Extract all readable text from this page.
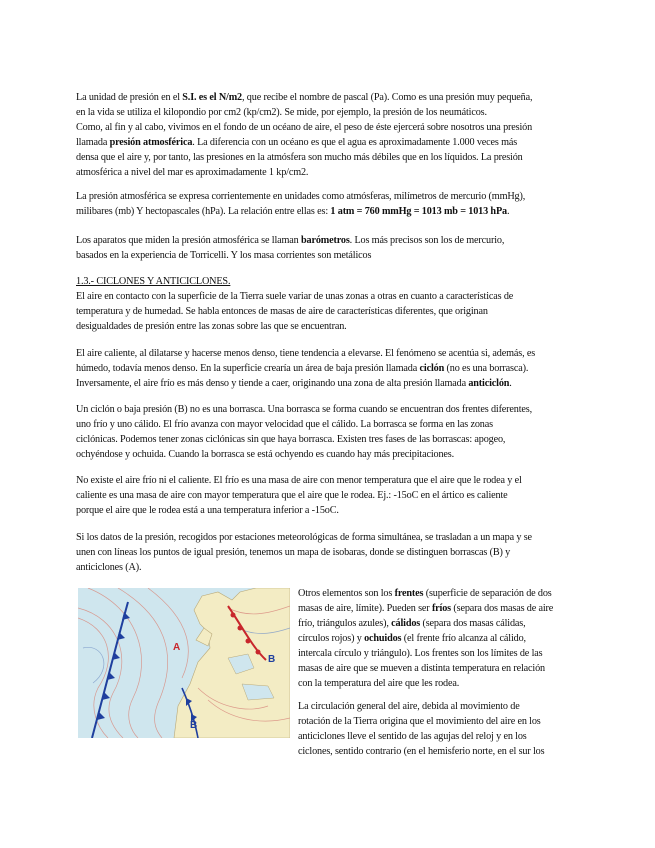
La unidad de presión en el S.I. es el N/m2, que recibe el nombre de pascal (Pa). Como es una presión muy pequeña,
en la vida se utiliza el kilopondio por cm2 (kp/cm2). Se mide, por ejemplo, la presión de los neumáticos.
Como, al fin y al cabo, vivimos en el fondo de un océano de aire, el peso de éste ejercerá sobre nosotros una presión
llamada presión atmosférica. La diferencia con un océano es que el agua es aproximadamente 1.000 veces más
densa que el aire y, por tanto, las presiones en la atmósfera son mucho más débiles que en los líquidos. La presión
atmosférica a nivel del mar es aproximadamente 1 kp/cm2.
La presión atmosférica se expresa corrientemente en unidades como atmósferas, milímetros de mercurio (mmHg),
milibares (mb) Y hectopascales (hPa). La relación entre ellas es: 1 atm = 760 mmHg = 1013 mb = 1013 hPa.
Los aparatos que miden la presión atmosférica se llaman barómetros. Los más precisos son los de mercurio,
basados en la experiencia de Torricelli. Y los masa corrientes son metálicos
1.3.- CICLONES Y ANTICICLONES.
El aire en contacto con la superficie de la Tierra suele variar de unas zonas a otras en cuanto a características de
temperatura y de humedad. Se habla entonces de masas de aire de características diferentes, que originan
desigualdades de presión entre las zonas sobre las que se encuentran.
El aire caliente, al dilatarse y hacerse menos denso, tiene tendencia a elevarse. El fenómeno se acentúa si, además, es
húmedo, todavía menos denso. En la superficie crearía un área de baja presión llamada ciclón (no es una borrasca).
Inversamente, el aire frío es más denso y tiende a caer, originando una zona de alta presión llamada anticiclón.
Un ciclón o baja presión (B) no es una borrasca. Una borrasca se forma cuando se encuentran dos frentes diferentes,
uno frío y uno cálido. El frío avanza con mayor velocidad que el cálido. La borrasca se forma en las zonas
ciclónicas. Podemos tener zonas ciclónicas sin que haya borrasca. Existen tres fases de las borrascas: apogeo,
ochyéndose y ochuida. Cuando la borrasca se está ochyendo es cuando hay más precipitaciones.
No existe el aire frío ni el caliente. El frío es una masa de aire con menor temperatura que el aire que le rodea y el
caliente es una masa de aire con mayor temperatura que el aire que le rodea. Ej.: -15oC en el ártico es caliente
porque el aire que le rodea está a una temperatura inferior a -15oC.
Si los datos de la presión, recogidos por estaciones meteorológicas de forma simultánea, se trasladan a un mapa y se
unen con líneas los puntos de igual presión, tenemos un mapa de isobaras, donde se distinguen borrascas (B) y
anticiclones (A).
A
B
B
Otros elementos son los frentes (superficie de separación de dos
masas de aire, límite). Pueden ser fríos (separa dos masas de aire
frío, triángulos azules), cálidos (separa dos masas cálidas,
círculos rojos) y ochuidos (el frente frío alcanza al cálido,
intercala círculo y triángulo). Los frentes son los límites de las
masas de aire que se mueven a distinta temperatura en relación
con la temperatura del aire que les rodea.
La circulación general del aire, debida al movimiento de
rotación de la Tierra origina que el movimiento del aire en los
anticiclones lleve el sentido de las agujas del reloj y en los
ciclones, sentido contrario (en el hemisferio norte, en el sur los
